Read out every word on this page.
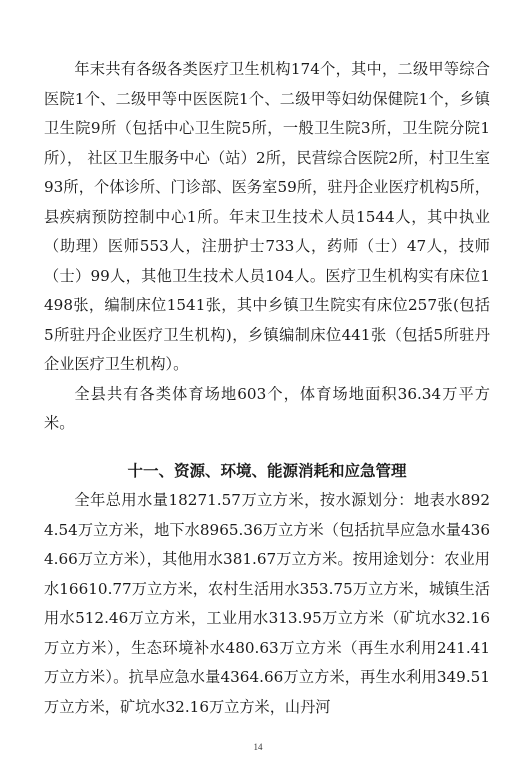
年末共有各级各类医疗卫生机构174个，其中，二级甲等综合医院1个、二级甲等中医医院1个、二级甲等妇幼保健院1个，乡镇卫生院9所（包括中心卫生院5所，一般卫生院3所，卫生院分院1所）， 社区卫生服务中心（站）2所，民营综合医院2所，村卫生室93所，个体诊所、门诊部、医务室59所，驻丹企业医疗机构5所，县疾病预防控制中心1所。年末卫生技术人员1544人，其中执业（助理）医师553人，注册护士733人，药师（士）47人，技师（士）99人，其他卫生技术人员104人。医疗卫生机构实有床位1498张，编制床位1541张，其中乡镇卫生院实有床位257张(包括5所驻丹企业医疗卫生机构)，乡镇编制床位441张（包括5所驻丹企业医疗卫生机构）。

全县共有各类体育场地603个，体育场地面积36.34万平方米。

十一、资源、环境、能源消耗和应急管理

全年总用水量18271.57万立方米，按水源划分：地表水8924.54万立方米，地下水8965.36万立方米（包括抗旱应急水量4364.66万立方米），其他用水381.67万立方米。按用途划分：农业用水16610.77万立方米，农村生活用水353.75万立方米，城镇生活用水512.46万立方米，工业用水313.95万立方米（矿坑水32.16万立方米），生态环境补水480.63万立方米（再生水利用241.41万立方米）。抗旱应急水量4364.66万立方米，再生水利用349.51万立方米，矿坑水32.16万立方米，山丹河

14
